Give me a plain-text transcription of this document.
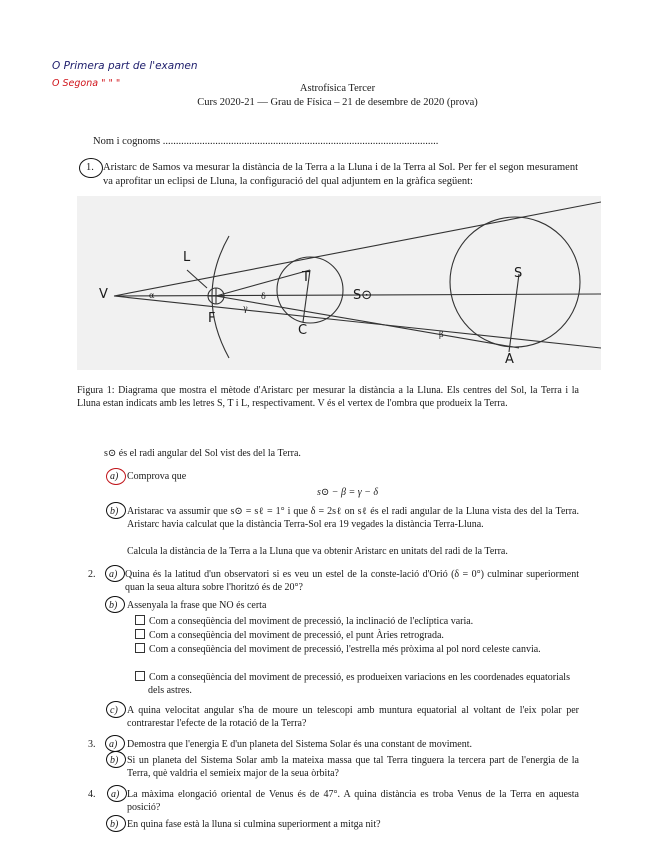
O Primera part de l'examen
O Segona " " "	Astrofísica Tercer
Curs 2020-21 — Grau de Física – 21 de desembre de 2020 (prova)
Nom i cognoms .........................................................................................................
1. Aristarc de Samos va mesurar la distància de la Terra a la Lluna i de la Terra al Sol. Per fer el segon mesurament va aprofitar un eclipsi de Lluna, la configuració del qual adjuntem en la gràfica següent:
V
L
F
T
C
S
A
S⊙
α	δ
γ
β
Figura 1: Diagrama que mostra el mètode d'Aristarc per mesurar la distància a la Lluna. Els centres del Sol, la Terra i la Lluna estan indicats amb les letres S, T i L, respectivament. V és el vertex de l'ombra que produeix la Terra.
s⊙ és el radi angular del Sol vist des del la Terra.
a) Comprova que
s⊙ − β = γ − δ
b) Aristarac va assumir que s⊙ = sℓ = 1° i que δ = 2sℓ on sℓ és el radi angular de la Lluna vista des del la Terra. Aristarc havia calculat que la distància Terra-Sol era 19 vegades la distància Terra-Lluna.
Calcula la distància de la Terra a la Lluna que va obtenir Aristarc en unitats del radi de la Terra.
2. a) Quina és la latitud d'un observatori si es veu un estel de la conste-lació d'Orió (δ = 0°) culminar superiorment quan la seua altura sobre l'horitzó és de 20°?
b) Assenyala la frase que NO és certa
Com a conseqüència del moviment de precessió, la inclinació de l'eclíptica varia.
Com a conseqüència del moviment de precessió, el punt Àries retrograda.
Com a conseqüència del moviment de precessió, l'estrella més pròxima al pol nord celeste canvia.
Com a conseqüència del moviment de precessió, es produeixen variacions en les coordenades equatorials dels astres.
c) A quina velocitat angular s'ha de moure un telescopi amb muntura equatorial al voltant de l'eix polar per contrarestar l'efecte de la rotació de la Terra?
3. a) Demostra que l'energia E d'un planeta del Sistema Solar és una constant de moviment.
b) Si un planeta del Sistema Solar amb la mateixa massa que tal Terra tinguera la tercera part de l'energia de la Terra, què valdria el semieix major de la seua òrbita?
4. a) La màxima elongació oriental de Venus és de 47°. A quina distància es troba Venus de la Terra en aquesta posició?
b) En quina fase està la lluna si culmina superiorment a mitga nit?
